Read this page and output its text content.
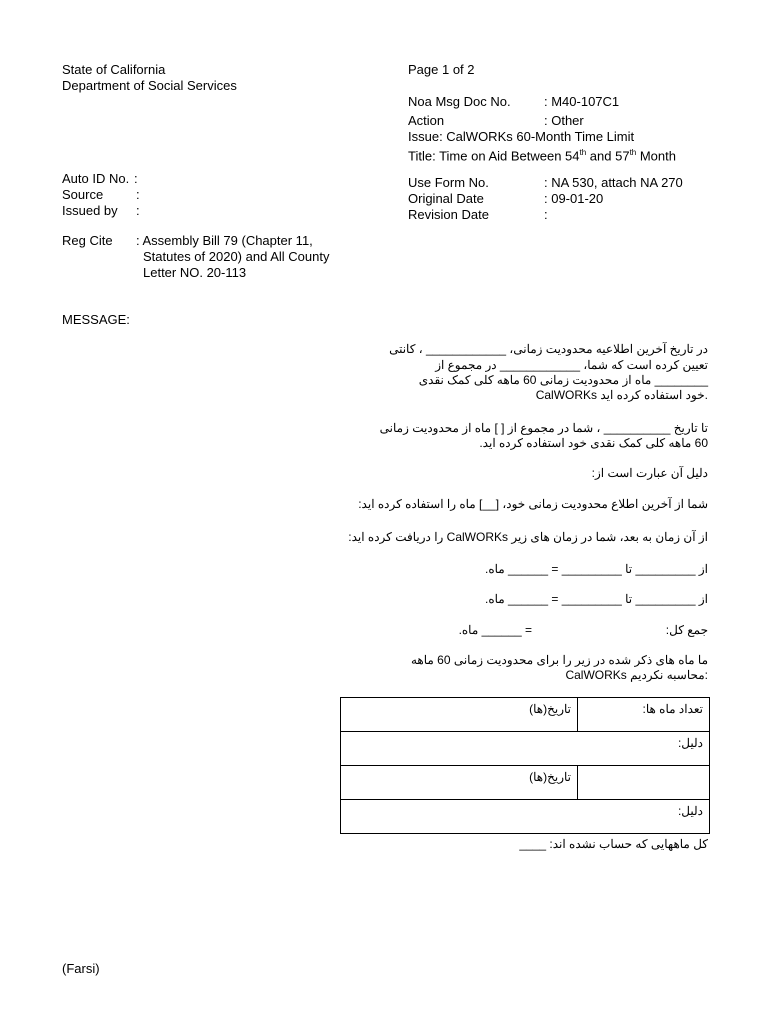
State of California
Department of Social Services
Page 1 of 2
Noa Msg Doc No.	: M40-107C1
Action	: Other
Issue: CalWORKs 60-Month Time Limit
Title: Time on Aid Between 54th and 57th Month
Auto ID No. :
Source	:
Issued by :
Use Form No.	: NA 530, attach NA 270
Original Date	: 09-01-20
Revision Date	:
Reg Cite : Assembly Bill 79 (Chapter 11,
Statutes of 2020) and All County
Letter NO. 20-113
MESSAGE:
در تاریخ آخرین اطلاعیه محدودیت زمانی، ____________ ، کانتی
تعیین کرده است که شما، ____________ در مجموع از
________ ماه از محدودیت زمانی 60 ماهه کلی کمک نقدی
CalWORKs خود استفاده کرده اید.
تا تاریخ __________ ، شما در مجموع از [ ] ماه از محدودیت زمانی
60 ماهه کلی کمک نقدی خود استفاده کرده اید.
دلیل آن عبارت است از:
شما از آخرین اطلاع محدودیت زمانی خود، [__] ماه را استفاده کرده اید:
از آن زمان به بعد، شما در زمان های زیر CalWORKs را دریافت کرده اید:
از _________ تا _________ = ______ ماه.
از _________ تا _________ = ______ ماه.
جمع کل:
= ______ ماه.
ما ماه های ذکر شده در زیر را برای محدودیت زمانی 60 ماهه
CalWORKs محاسبه نکردیم:
تاریخ(ها)	تعداد ماه ها:
دلیل:	
تاریخ(ها)	
دلیل:	
کل ماههایی که حساب نشده اند: ____
(Farsi)
